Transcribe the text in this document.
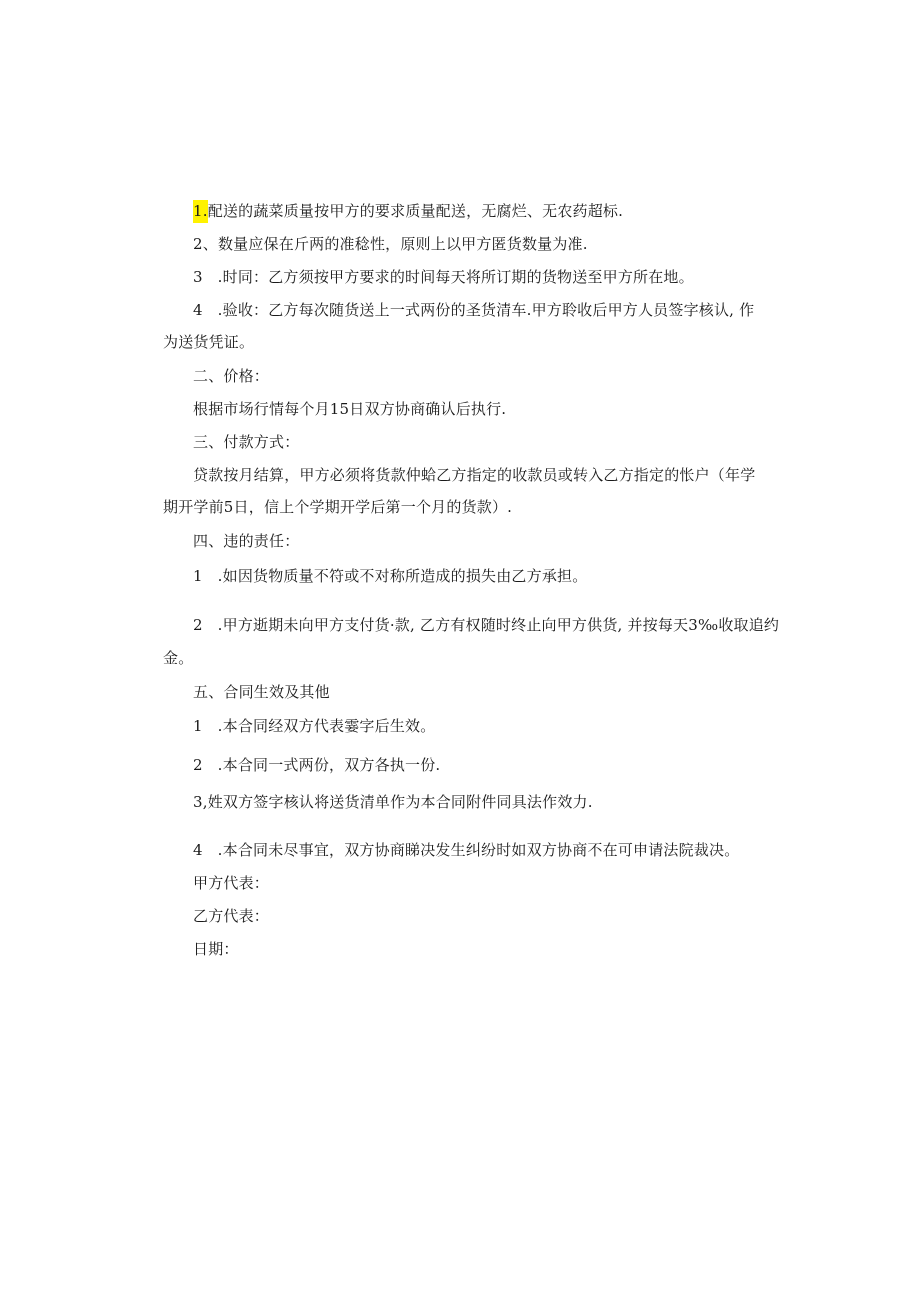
1.配送的蔬菜质量按甲方的要求质量配送，无腐烂、无农药超标.
2、数量应保在斤两的准稔性，原则上以甲方匿货数量为准.
3   .时同：乙方须按甲方要求的时间每天将所订期的货物送至甲方所在地。
4   .验收：乙方每次随货送上一式两份的圣货清车.甲方聆收后甲方人员签字核认, 作
为送货凭证。
二、价格：
根据市场行情每个月15日双方协商确认后执行.
三、付款方式：
贷款按月结算，甲方必须将货款仲蛤乙方指定的收款员或转入乙方指定的怅户（年学
期开学前5日，信上个学期开学后第一个月的货款）.
四、违的责任：
1   .如因货物质量不符或不对称所造成的损失由乙方承担。
2   .甲方逝期未向甲方支付货·款, 乙方有权随时终止向甲方供货, 并按每天3‰收取追约
金。
五、合同生效及其他
1   .本合同经双方代表霎字后生效。
2   .本合同一式两份，双方各执一份.
3,姓双方签字核认将送货清单作为本合同附件同具法作效力.
4   .本合同未尽事宜，双方协商睇决发生纠纷时如双方协商不在可申请法院裁决。
甲方代表：
乙方代表：
日期：
